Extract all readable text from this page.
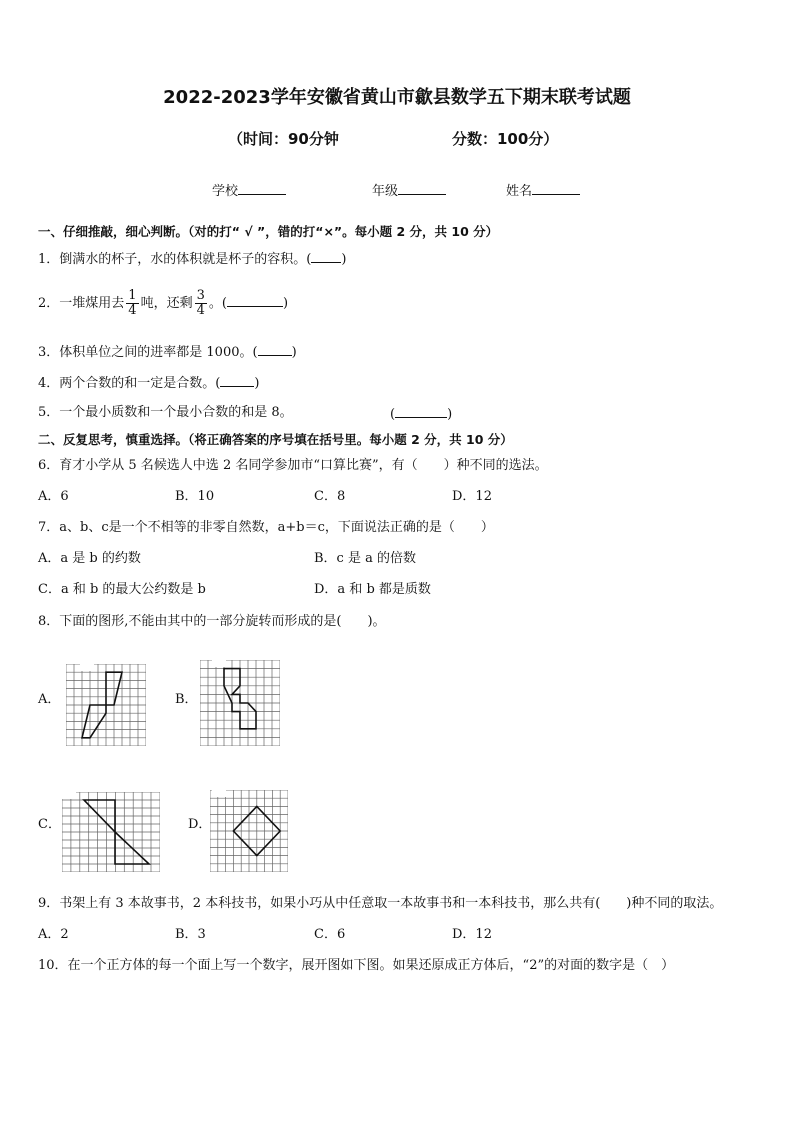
2022-2023学年安徽省黄山市歙县数学五下期末联考试题
（时间：90分钟	分数：100分）
学校	年级	姓名
一、仔细推敲，细心判断。（对的打“ √ ”，错的打“×”。每小题 2 分，共 10 分）
1．倒满水的杯子，水的体积就是杯子的容积。( )
2．一堆煤用去 $\frac{1}{4}$ 吨，还剩 $\frac{3}{4}$ 。(	)
3．体积单位之间的进率都是 1000。(	)
4．两个合数的和一定是合数。(	)
5．一个最小质数和一个最小合数的和是 8。	(	)
二、反复思考，慎重选择。（将正确答案的序号填在括号里。每小题 2 分，共 10 分）
6．育才小学从 5 名候选人中选 2 名同学参加市“口算比赛”，有（　　）种不同的选法。
A．6	B．10	C．8	D．12
7．a、b、c是一个不相等的非零自然数，a+b＝c，下面说法正确的是（　　）
A．a 是 b 的约数	B．c 是 a 的倍数
C．a 和 b 的最大公约数是 b	D．a 和 b 都是质数
8．下面的图形,不能由其中的一部分旋转而形成的是(　　)。
A．	B．
C．	D．
9．书架上有 3 本故事书，2 本科技书，如果小巧从中任意取一本故事书和一本科技书，那么共有(　　)种不同的取法。
A．2	B．3	C．6	D．12
10．在一个正方体的每一个面上写一个数字，展开图如下图。如果还原成正方体后，“2”的对面的数字是（　）
